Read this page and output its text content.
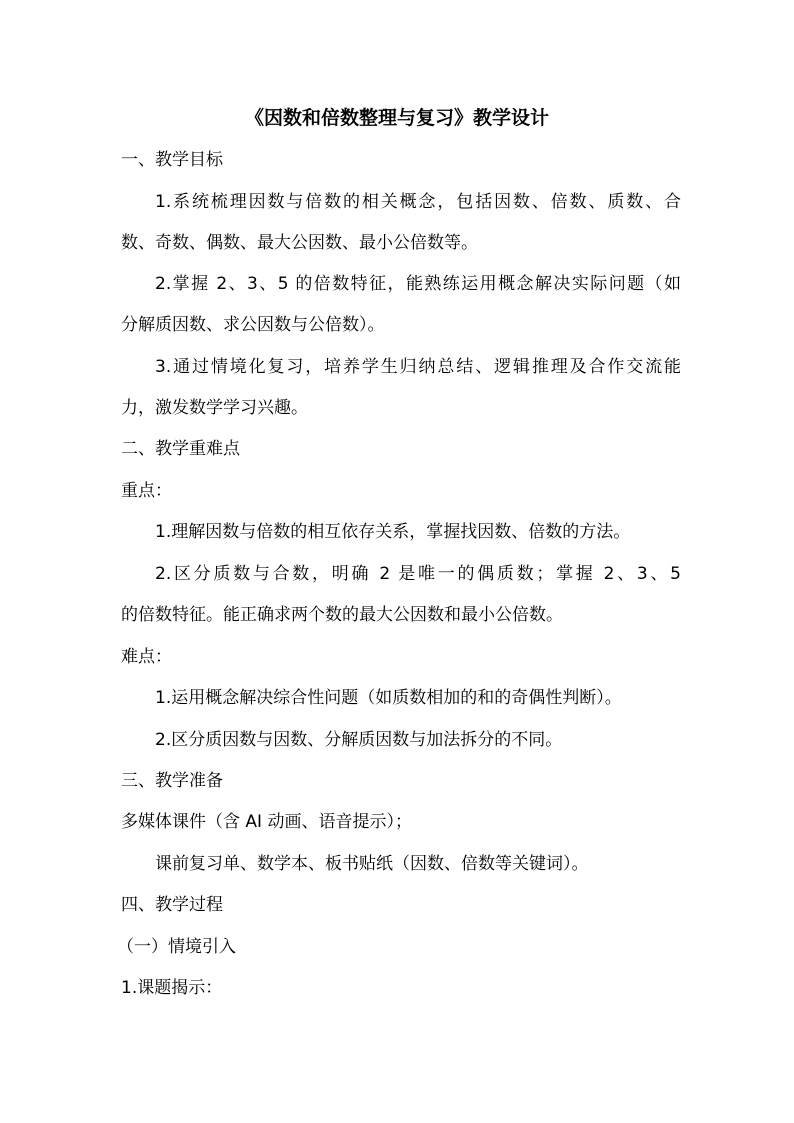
《因数和倍数整理与复习》教学设计
一、教学目标
1.系统梳理因数与倍数的相关概念，包括因数、倍数、质数、合
数、奇数、偶数、最大公因数、最小公倍数等。
2.掌握 2、3、5 的倍数特征，能熟练运用概念解决实际问题（如
分解质因数、求公因数与公倍数）。
3.通过情境化复习，培养学生归纳总结、逻辑推理及合作交流能
力，激发数学学习兴趣。
二、教学重难点
重点：
1.理解因数与倍数的相互依存关系，掌握找因数、倍数的方法。
2.区分质数与合数，明确 2 是唯一的偶质数；掌握 2、3、5
的倍数特征。能正确求两个数的最大公因数和最小公倍数。
难点：
1.运用概念解决综合性问题（如质数相加的和的奇偶性判断）。
2.区分质因数与因数、分解质因数与加法拆分的不同。
三、教学准备
多媒体课件（含 AI 动画、语音提示）；
课前复习单、数学本、板书贴纸（因数、倍数等关键词）。
四、教学过程
（一）情境引入
1.课题揭示：
